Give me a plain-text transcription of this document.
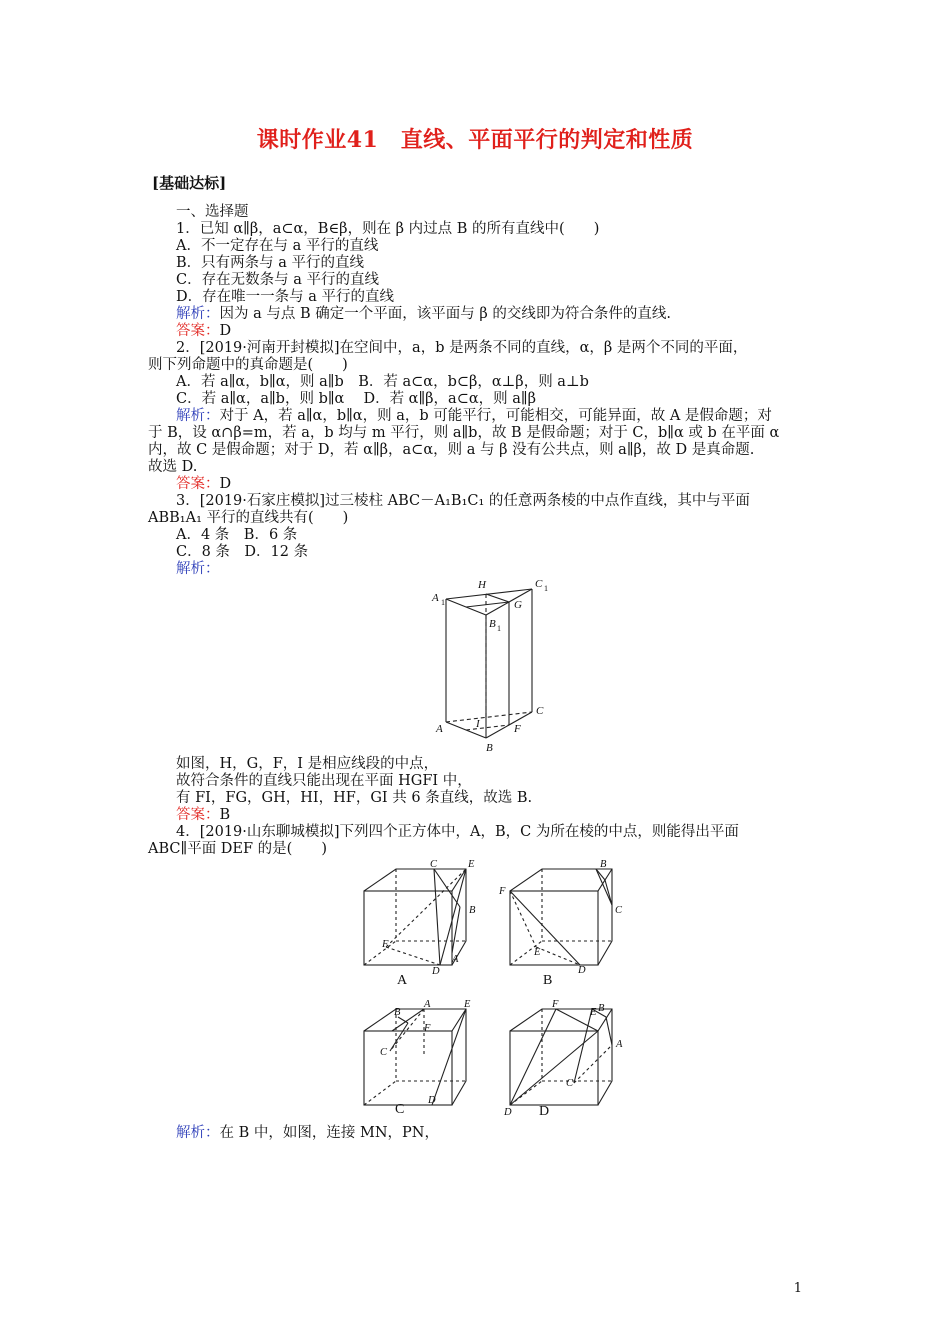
课时作业41　直线、平面平行的判定和性质
[基础达标]
一、选择题
1．已知 α∥β，a⊂α，B∈β，则在 β 内过点 B 的所有直线中(　　)
A．不一定存在与 a 平行的直线
B．只有两条与 a 平行的直线
C．存在无数条与 a 平行的直线
D．存在唯一一条与 a 平行的直线
解析：因为 a 与点 B 确定一个平面，该平面与 β 的交线即为符合条件的直线.
答案：D
2．[2019·河南开封模拟]在空间中，a，b 是两条不同的直线，α，β 是两个不同的平面，
则下列命题中的真命题是(　　)
A．若 a∥α，b∥α，则 a∥b　B．若 a⊂α，b⊂β，α⊥β，则 a⊥b
C．若 a∥α，a∥b，则 b∥α　 D．若 α∥β，a⊂α，则 a∥β
解析：对于 A，若 a∥α，b∥α，则 a，b 可能平行，可能相交，可能异面，故 A 是假命题；对
于 B，设 α∩β=m，若 a，b 均与 m 平行，则 a∥b，故 B 是假命题；对于 C，b∥α 或 b 在平面 α
内，故 C 是假命题；对于 D，若 α∥β，a⊂α，则 a 与 β 没有公共点，则 a∥β，故 D 是真命题.
故选 D.
答案：D
3．[2019·石家庄模拟]过三棱柱 ABC－A₁B₁C₁ 的任意两条棱的中点作直线，其中与平面
ABB₁A₁ 平行的直线共有(　　)
A．4 条　B．6 条
C．8 条　D．12 条
解析：
H	C 1
A 1	G
B 1
A	I
C
F
B
如图，H，G，F，I 是相应线段的中点，
故符合条件的直线只能出现在平面 HGFI 中，
有 FI，FG，GH，HI，HF，GI 共 6 条直线，故选 B.
答案：B
4．[2019·山东聊城模拟]下列四个正方体中，A，B，C 为所在棱的中点，则能得出平面
ABC∥平面 DEF 的是(　　)
C	E
B
F
D
A
F
B
C
E
D
A	E
B
F
C
D
F
E B
A
C
D
A	B
C	D
解析：在 B 中，如图，连接 MN，PN，
1
